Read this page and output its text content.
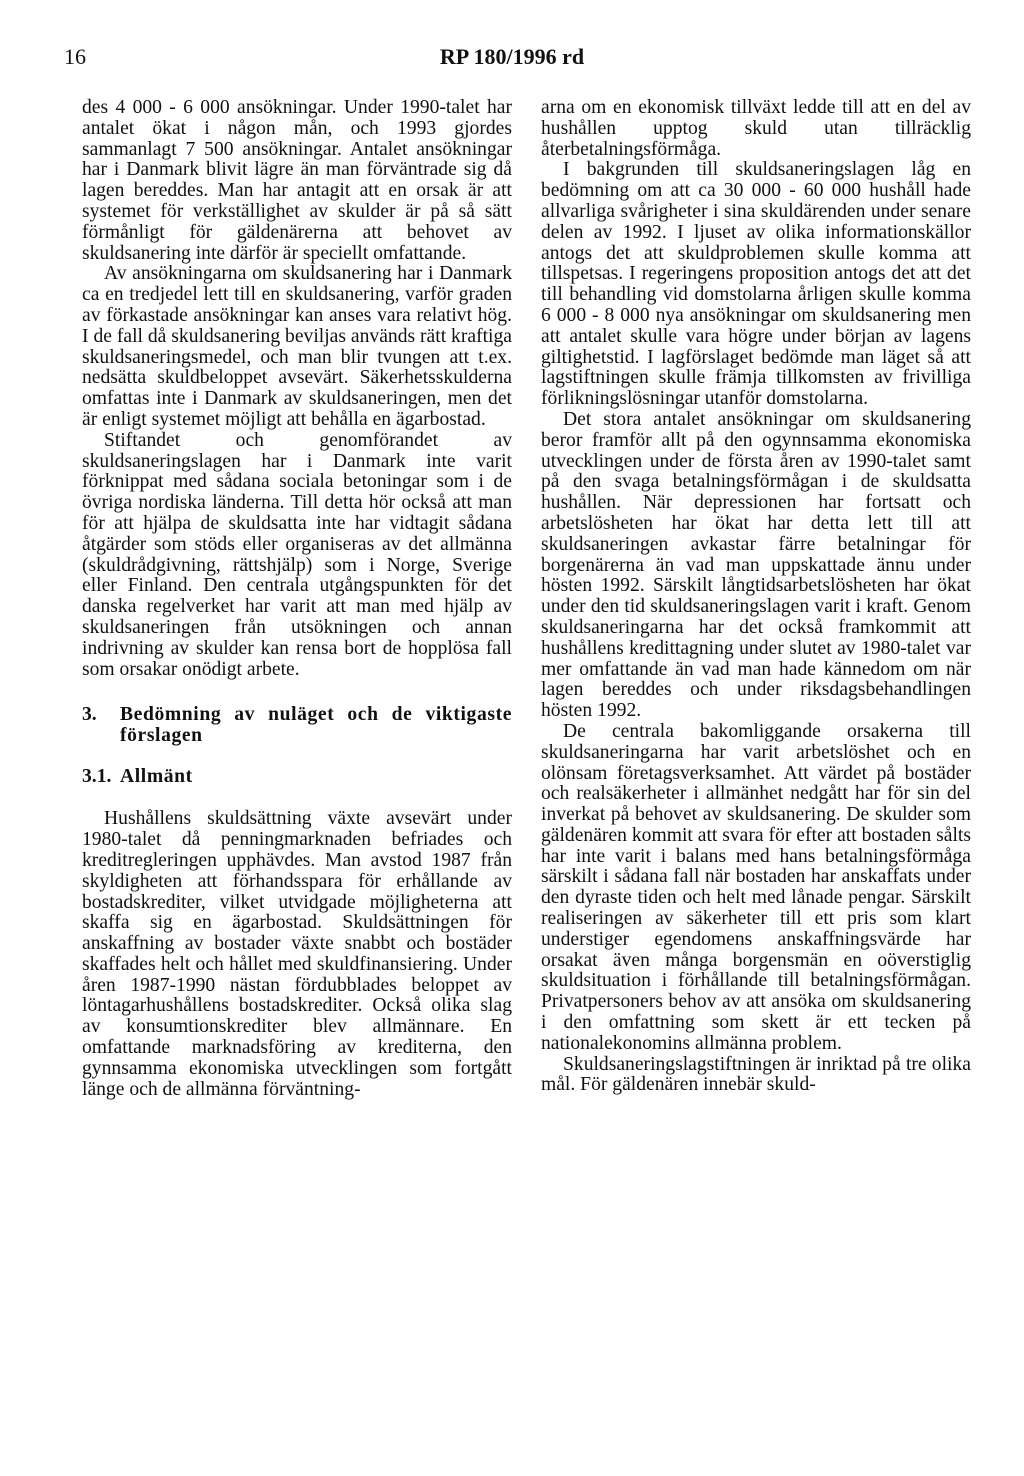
16	RP 180/1996 rd

des 4 000 - 6 000 ansökningar. Under 1990-talet har antalet ökat i någon mån, och 1993 gjordes sammanlagt 7 500 ansökningar. Antalet ansökningar har i Danmark blivit lägre än man förväntrade sig då lagen bereddes. Man har antagit att en orsak är att systemet för verkställighet av skulder är på så sätt förmånligt för gäldenärerna att behovet av skuldsanering inte därför är speciellt omfattande.

Av ansökningarna om skuldsanering har i Danmark ca en tredjedel lett till en skuldsanering, varför graden av förkastade ansökningar kan anses vara relativt hög. I de fall då skuldsanering beviljas används rätt kraftiga skuldsaneringsmedel, och man blir tvungen att t.ex. nedsätta skuldbeloppet avsevärt. Säkerhetsskulderna omfattas inte i Danmark av skuldsaneringen, men det är enligt systemet möjligt att behålla en ägarbostad.

Stiftandet och genomförandet av skuldsaneringslagen har i Danmark inte varit förknippat med sådana sociala betoningar som i de övriga nordiska länderna. Till detta hör också att man för att hjälpa de skuldsatta inte har vidtagit sådana åtgärder som stöds eller organiseras av det allmänna (skuldrådgivning, rättshjälp) som i Norge, Sverige eller Finland. Den centrala utgångspunkten för det danska regelverket har varit att man med hjälp av skuldsaneringen från utsökningen och annan indrivning av skulder kan rensa bort de hopplösa fall som orsakar onödigt arbete.

3.	Bedömning av nuläget och de viktigaste förslagen
3.1. Allmänt

Hushållens skuldsättning växte avsevärt under 1980-talet då penningmarknaden befriades och kreditregleringen upphävdes. Man avstod 1987 från skyldigheten att förhandsspara för erhållande av bostadskrediter, vilket utvidgade möjligheterna att skaffa sig en ägarbostad. Skuldsättningen för anskaffning av bostader växte snabbt och bostäder skaffades helt och hållet med skuldfinansiering. Under åren 1987-1990 nästan fördubblades beloppet av löntagarhushållens bostadskrediter. Också olika slag av konsumtionskrediter blev allmännare. En omfattande marknadsföring av krediterna, den gynnsamma ekonomiska utvecklingen som fortgått länge och de allmänna förväntning-

arna om en ekonomisk tillväxt ledde till att en del av hushållen upptog skuld utan tillräcklig återbetalningsförmåga.

I bakgrunden till skuldsaneringslagen låg en bedömning om att ca 30 000 - 60 000 hushåll hade allvarliga svårigheter i sina skuldärenden under senare delen av 1992. I ljuset av olika informationskällor antogs det att skuldproblemen skulle komma att tillspetsas. I regeringens proposition antogs det att det till behandling vid domstolarna årligen skulle komma 6 000 - 8 000 nya ansökningar om skuldsanering men att antalet skulle vara högre under början av lagens giltighetstid. I lagförslaget bedömde man läget så att lagstiftningen skulle främja tillkomsten av frivilliga förlikningslösningar utanför domstolarna.

Det stora antalet ansökningar om skuldsanering beror framför allt på den ogynnsamma ekonomiska utvecklingen under de första åren av 1990-talet samt på den svaga betalningsförmågan i de skuldsatta hushållen. När depressionen har fortsatt och arbetslösheten har ökat har detta lett till att skuldsaneringen avkastar färre betalningar för borgenärerna än vad man uppskattade ännu under hösten 1992. Särskilt långtidsarbetslösheten har ökat under den tid skuldsaneringslagen varit i kraft. Genom skuldsaneringarna har det också framkommit att hushållens kredittagning under slutet av 1980-talet var mer omfattande än vad man hade kännedom om när lagen bereddes och under riksdagsbehandlingen hösten 1992.

De centrala bakomliggande orsakerna till skuldsaneringarna har varit arbetslöshet och en olönsam företagsverksamhet. Att värdet på bostäder och realsäkerheter i allmänhet nedgått har för sin del inverkat på behovet av skuldsanering. De skulder som gäldenären kommit att svara för efter att bostaden sålts har inte varit i balans med hans betalningsförmåga särskilt i sådana fall när bostaden har anskaffats under den dyraste tiden och helt med lånade pengar. Särskilt realiseringen av säkerheter till ett pris som klart understiger egendomens anskaffningsvärde har orsakat även många borgensmän en oöverstiglig skuldsituation i förhållande till betalningsförmågan. Privatpersoners behov av att ansöka om skuldsanering i den omfattning som skett är ett tecken på nationalekonomins allmänna problem.

Skuldsaneringslagstiftningen är inriktad på tre olika mål. För gäldenären innebär skuld-
